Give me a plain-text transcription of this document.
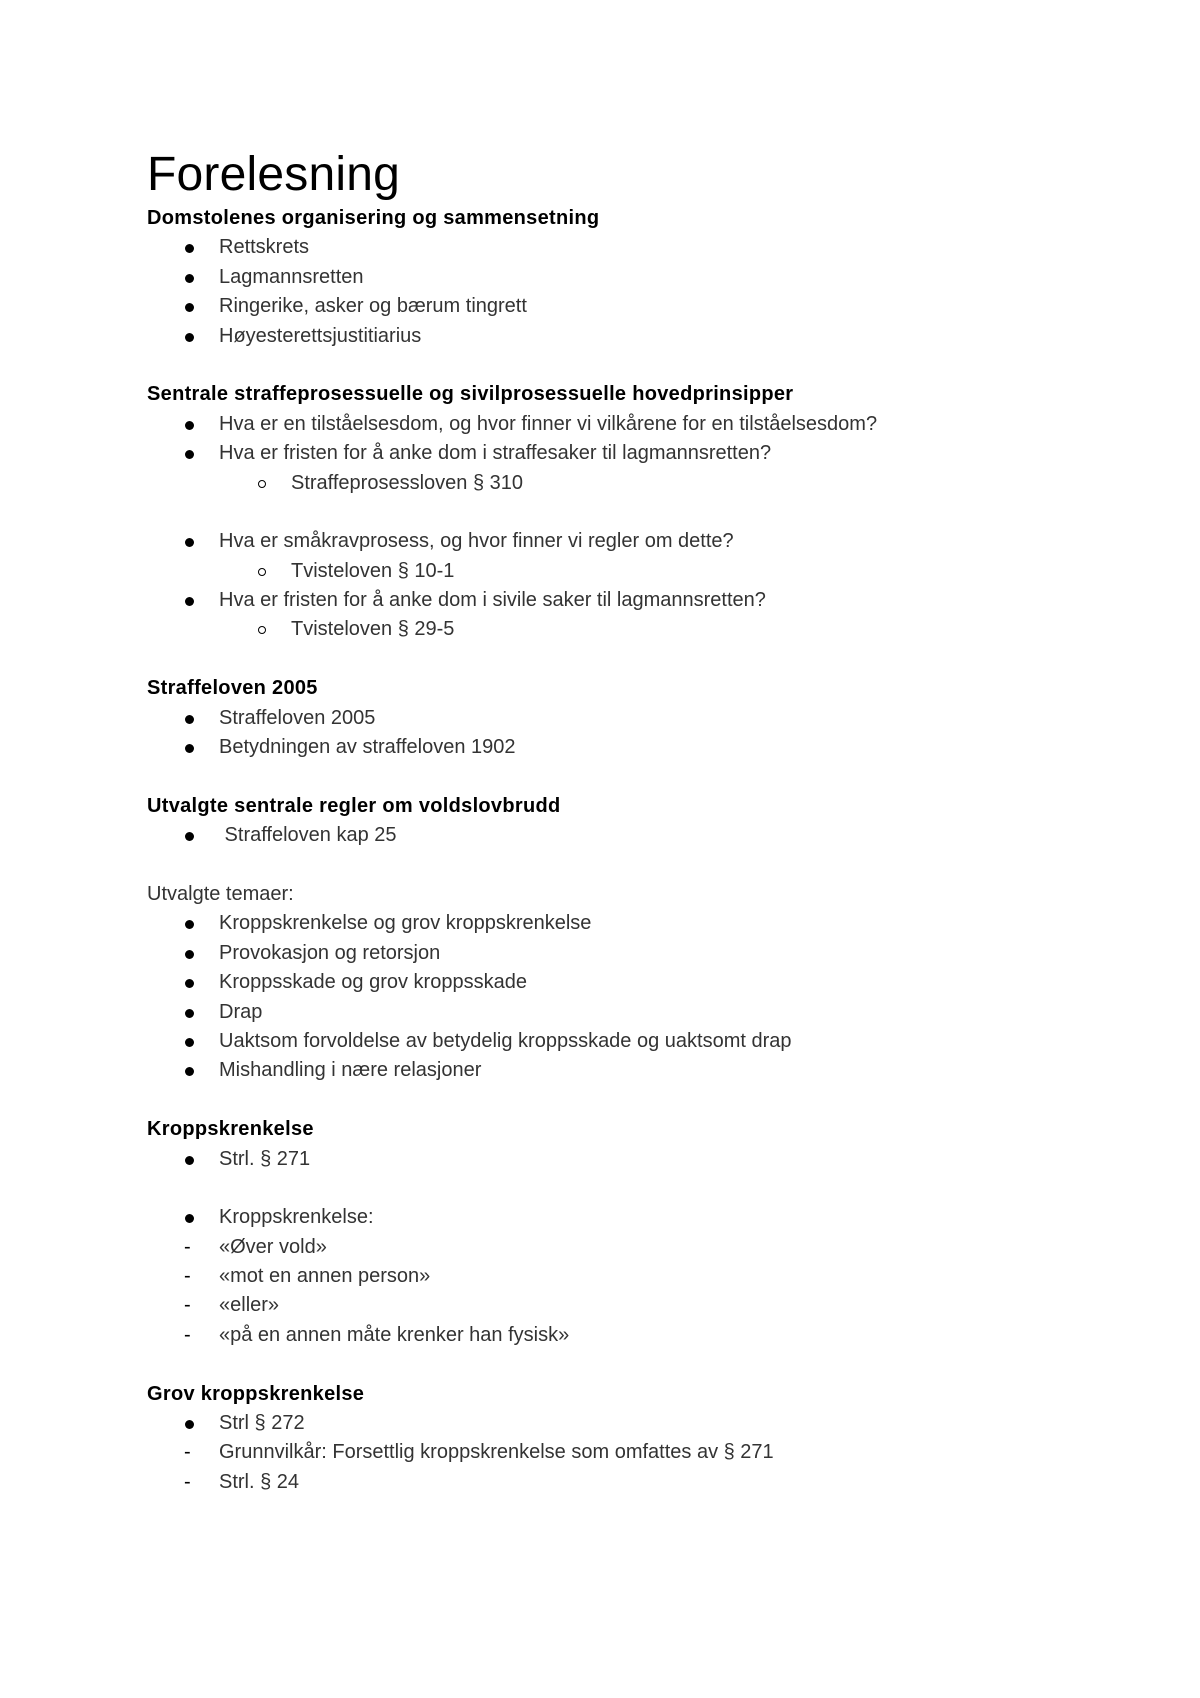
Forelesning
Domstolenes organisering og sammensetning
Rettskrets
Lagmannsretten
Ringerike, asker og bærum tingrett
Høyesterettsjustitiarius
Sentrale straffeprosessuelle og sivilprosessuelle hovedprinsipper
Hva er en tilståelsesdom, og hvor finner vi vilkårene for en tilståelsesdom?
Hva er fristen for å anke dom i straffesaker til lagmannsretten?
Straffeprosessloven § 310
Hva er småkravprosess, og hvor finner vi regler om dette?
Tvisteloven § 10-1
Hva er fristen for å anke dom i sivile saker til lagmannsretten?
Tvisteloven § 29-5
Straffeloven 2005
Straffeloven 2005
Betydningen av straffeloven 1902
Utvalgte sentrale regler om voldslovbrudd
Straffeloven kap 25
Utvalgte temaer:
Kroppskrenkelse og grov kroppskrenkelse
Provokasjon og retorsjon
Kroppsskade og grov kroppsskade
Drap
Uaktsom forvoldelse av betydelig kroppsskade og uaktsomt drap
Mishandling i nære relasjoner
Kroppskrenkelse
Strl. § 271
Kroppskrenkelse:
- «Øver vold»
- «mot en annen person»
- «eller»
- «på en annen måte krenker han fysisk»
Grov kroppskrenkelse
Strl § 272
- Grunnvilkår: Forsettlig kroppskrenkelse som omfattes av § 271
- Strl. § 24
